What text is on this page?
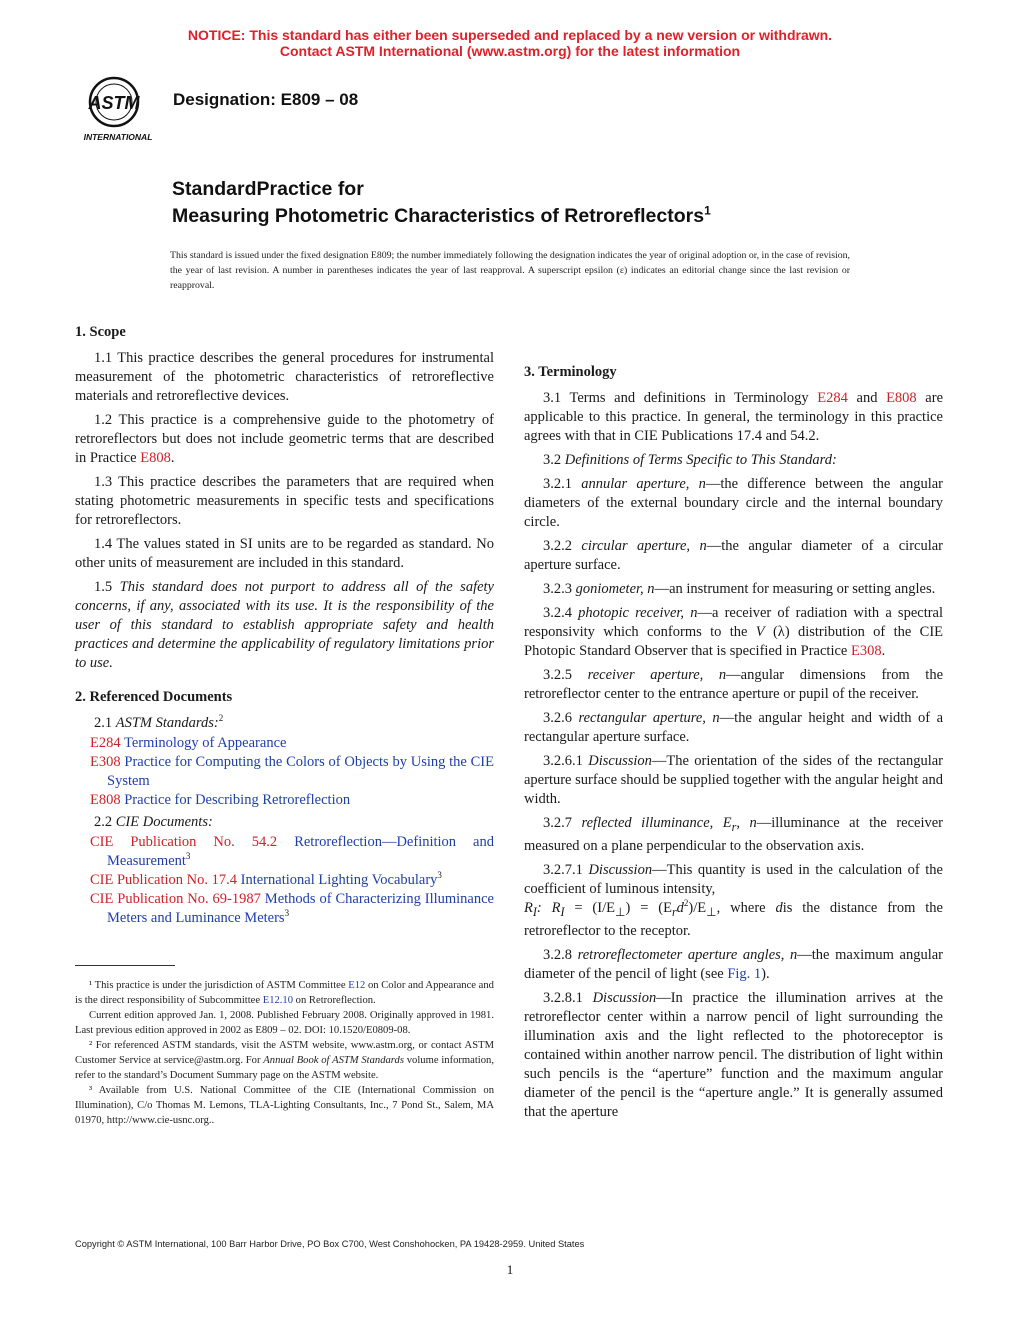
NOTICE: This standard has either been superseded and replaced by a new version or withdrawn.
Contact ASTM International (www.astm.org) for the latest information
ASTM
INTERNATIONAL
Designation: E809 – 08
StandardPractice for
Measuring Photometric Characteristics of Retroreflectors$^1$
This standard is issued under the fixed designation E809; the number immediately following the designation indicates the year of original adoption or, in the case of revision, the year of last revision. A number in parentheses indicates the year of last reapproval. A superscript epsilon (ε) indicates an editorial change since the last revision or reapproval.
1. Scope

1.1 This practice describes the general procedures for instrumental measurement of the photometric characteristics of retroreflective materials and retroreflective devices.

1.2 This practice is a comprehensive guide to the photometry of retroreflectors but does not include geometric terms that are described in Practice E808.

1.3 This practice describes the parameters that are required when stating photometric measurements in specific tests and specifications for retroreflectors.

1.4 The values stated in SI units are to be regarded as standard. No other units of measurement are included in this standard.

1.5 This standard does not purport to address all of the safety concerns, if any, associated with its use. It is the responsibility of the user of this standard to establish appropriate safety and health practices and determine the applicability of regulatory limitations prior to use.

2. Referenced Documents

2.1 ASTM Standards:$^2$

E284 Terminology of Appearance
E308 Practice for Computing the Colors of Objects by Using the CIE System
E808 Practice for Describing Retroreflection

2.2 CIE Documents:

CIE Publication No. 54.2 Retroreflection—Definition and Measurement$^3$
CIE Publication No. 17.4 International Lighting Vocabulary$^3$
CIE Publication No. 69-1987 Methods of Characterizing Illuminance Meters and Luminance Meters$^3$

¹ This practice is under the jurisdiction of ASTM Committee E12 on Color and Appearance and is the direct responsibility of Subcommittee E12.10 on Retroreflection.

Current edition approved Jan. 1, 2008. Published February 2008. Originally approved in 1981. Last previous edition approved in 2002 as E809 – 02. DOI: 10.1520/E0809-08.

² For referenced ASTM standards, visit the ASTM website, www.astm.org, or contact ASTM Customer Service at service@astm.org. For Annual Book of ASTM Standards volume information, refer to the standard’s Document Summary page on the ASTM website.

³ Available from U.S. National Committee of the CIE (International Commission on Illumination), C/o Thomas M. Lemons, TLA-Lighting Consultants, Inc., 7 Pond St., Salem, MA 01970, http://www.cie-usnc.org..

3. Terminology

3.1 Terms and definitions in Terminology E284 and E808 are applicable to this practice. In general, the terminology in this practice agrees with that in CIE Publications 17.4 and 54.2.

3.2 Definitions of Terms Specific to This Standard:

3.2.1 annular aperture, n—the difference between the angular diameters of the external boundary circle and the internal boundary circle.

3.2.2 circular aperture, n—the angular diameter of a circular aperture surface.

3.2.3 goniometer, n—an instrument for measuring or setting angles.

3.2.4 photopic receiver, n—a receiver of radiation with a spectral responsivity which conforms to the V (λ) distribution of the CIE Photopic Standard Observer that is specified in Practice E308.

3.2.5 receiver aperture, n—angular dimensions from the retroreflector center to the entrance aperture or pupil of the receiver.

3.2.6 rectangular aperture, n—the angular height and width of a rectangular aperture surface.

3.2.6.1 Discussion—The orientation of the sides of the rectangular aperture surface should be supplied together with the angular height and width.

3.2.7 reflected illuminance, $E_r$, n—illuminance at the receiver measured on a plane perpendicular to the observation axis.

3.2.7.1 Discussion—This quantity is used in the calculation of the coefficient of luminous intensity,

$R_I$: $R_I = (I/E_\perp) = (E_rd^2)/E_\perp$, where dis the distance from the retroreflector to the receptor.

3.2.8 retroreflectometer aperture angles, n—the maximum angular diameter of the pencil of light (see Fig. 1).

3.2.8.1 Discussion—In practice the illumination arrives at the retroreflector center within a narrow pencil of light surrounding the illumination axis and the light reflected to the photoreceptor is contained within another narrow pencil. The distribution of light within such pencils is the “aperture” function and the maximum angular diameter of the pencil is the “aperture angle.” It is generally assumed that the aperture

Copyright © ASTM International, 100 Barr Harbor Drive, PO Box C700, West Conshohocken, PA 19428-2959. United States
1
